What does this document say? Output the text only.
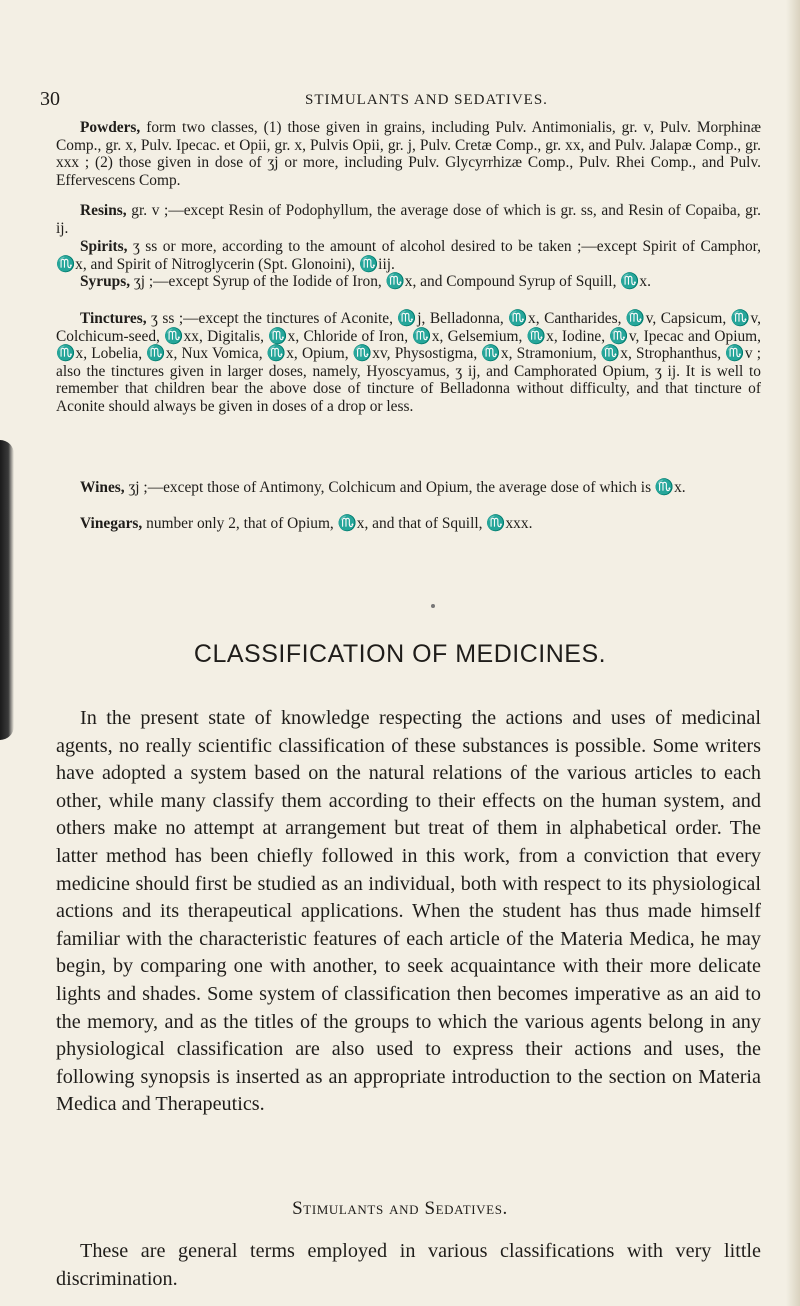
30	STIMULANTS AND SEDATIVES.

Powders, form two classes, (1) those given in grains, including Pulv. Antimonialis, gr. v, Pulv. Morphinæ Comp., gr. x, Pulv. Ipecac. et Opii, gr. x, Pulvis Opii, gr. j, Pulv. Cretæ Comp., gr. xx, and Pulv. Jalapæ Comp., gr. xxx ; (2) those given in dose of ʒj or more, including Pulv. Glycyrrhizæ Comp., Pulv. Rhei Comp., and Pulv. Effervescens Comp.

Resins, gr. v ;—except Resin of Podophyllum, the average dose of which is gr. ss, and Resin of Copaiba, gr. ij.

Spirits, ʒ ss or more, according to the amount of alcohol desired to be taken ;—except Spirit of Camphor, ♏x, and Spirit of Nitroglycerin (Spt. Glonoini), ♏iij.

Syrups, ʒj ;—except Syrup of the Iodide of Iron, ♏x, and Compound Syrup of Squill, ♏x.

Tinctures, ʒ ss ;—except the tinctures of Aconite, ♏j, Belladonna, ♏x, Cantharides, ♏v, Capsicum, ♏v, Colchicum-seed, ♏xx, Digitalis, ♏x, Chloride of Iron, ♏x, Gelsemium, ♏x, Iodine, ♏v, Ipecac and Opium, ♏x, Lobelia, ♏x, Nux Vomica, ♏x, Opium, ♏xv, Physostigma, ♏x, Stramonium, ♏x, Strophanthus, ♏v ; also the tinctures given in larger doses, namely, Hyoscyamus, ʒ ij, and Camphorated Opium, ʒ ij. It is well to remember that children bear the above dose of tincture of Belladonna without difficulty, and that tincture of Aconite should always be given in doses of a drop or less.

Wines, ʒj ;—except those of Antimony, Colchicum and Opium, the average dose of which is ♏x.

Vinegars, number only 2, that of Opium, ♏x, and that of Squill, ♏xxx.

CLASSIFICATION OF MEDICINES.

In the present state of knowledge respecting the actions and uses of medicinal agents, no really scientific classification of these substances is possible. Some writers have adopted a system based on the natural relations of the various articles to each other, while many classify them according to their effects on the human system, and others make no attempt at arrangement but treat of them in alphabetical order. The latter method has been chiefly followed in this work, from a conviction that every medicine should first be studied as an individual, both with respect to its physiological actions and its therapeutical applications. When the student has thus made himself familiar with the characteristic features of each article of the Materia Medica, he may begin, by comparing one with another, to seek acquaintance with their more delicate lights and shades. Some system of classification then becomes imperative as an aid to the memory, and as the titles of the groups to which the various agents belong in any physiological classification are also used to express their actions and uses, the following synopsis is inserted as an appropriate introduction to the section on Materia Medica and Therapeutics.

Stimulants and Sedatives.

These are general terms employed in various classifications with very little discrimination.
